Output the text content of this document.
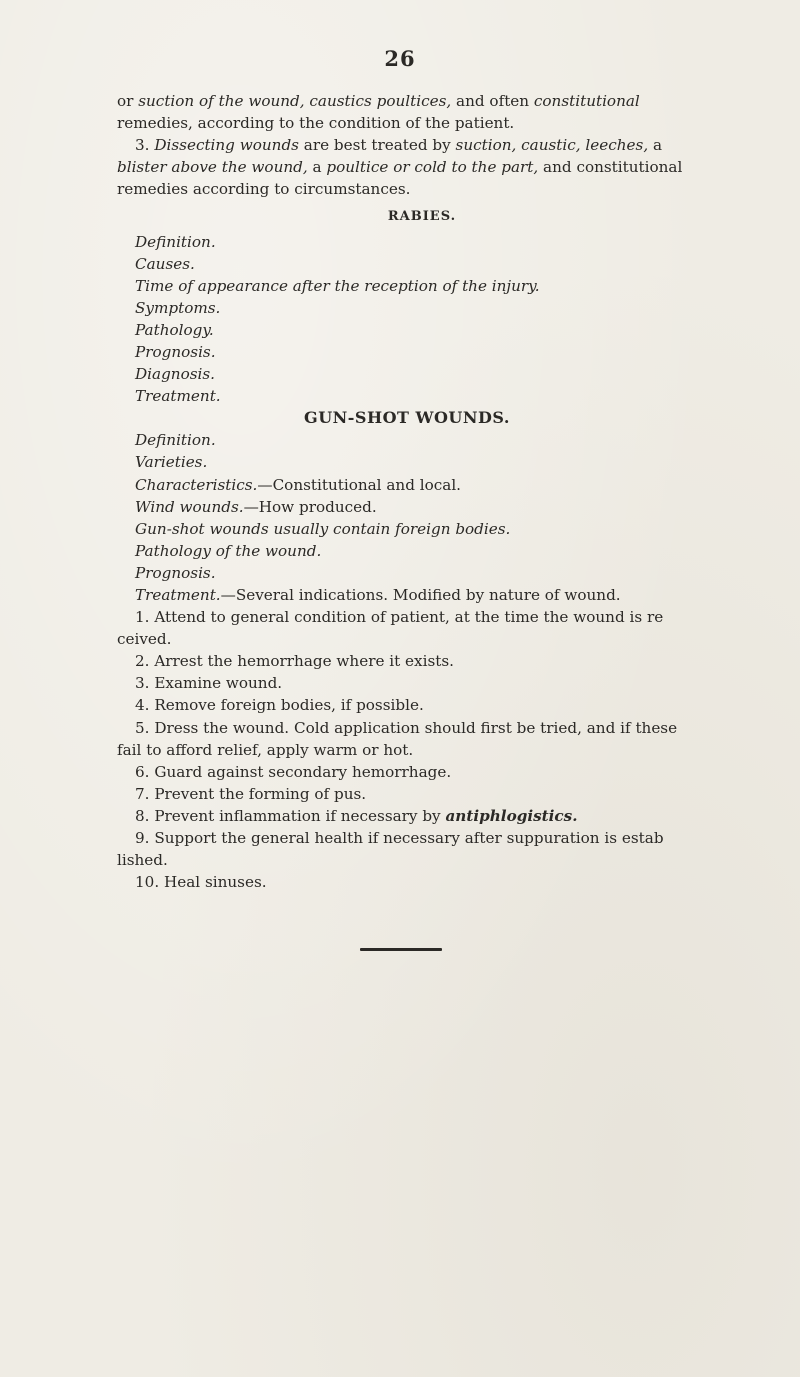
26

or suction of the wound, caustics poultices, and often constitutional remedies, according to the condition of the patient.

3. Dissecting wounds are best treated by suction, caustic, leeches, a blister above the wound, a poultice or cold to the part, and constitutional remedies according to circumstances.

RABIES.

Definition.

Causes.

Time of appearance after the reception of the injury.

Symptoms.

Pathology.

Prognosis.

Diagnosis.

Treatment.

GUN-SHOT WOUNDS.

Definition.

Varieties.

Characteristics.—Constitutional and local.

Wind wounds.—How produced.

Gun-shot wounds usually contain foreign bodies.

Pathology of the wound.

Prognosis.

Treatment.—Several indications. Modified by nature of wound.

1. Attend to general condition of patient, at the time the wound is re ceived.

2. Arrest the hemorrhage where it exists.

3. Examine wound.

4. Remove foreign bodies, if possible.

5. Dress the wound. Cold application should first be tried, and if these fail to afford relief, apply warm or hot.

6. Guard against secondary hemorrhage.

7. Prevent the forming of pus.

8. Prevent inflammation if necessary by antiphlogistics.

9. Support the general health if necessary after suppuration is estab lished.

10. Heal sinuses.
